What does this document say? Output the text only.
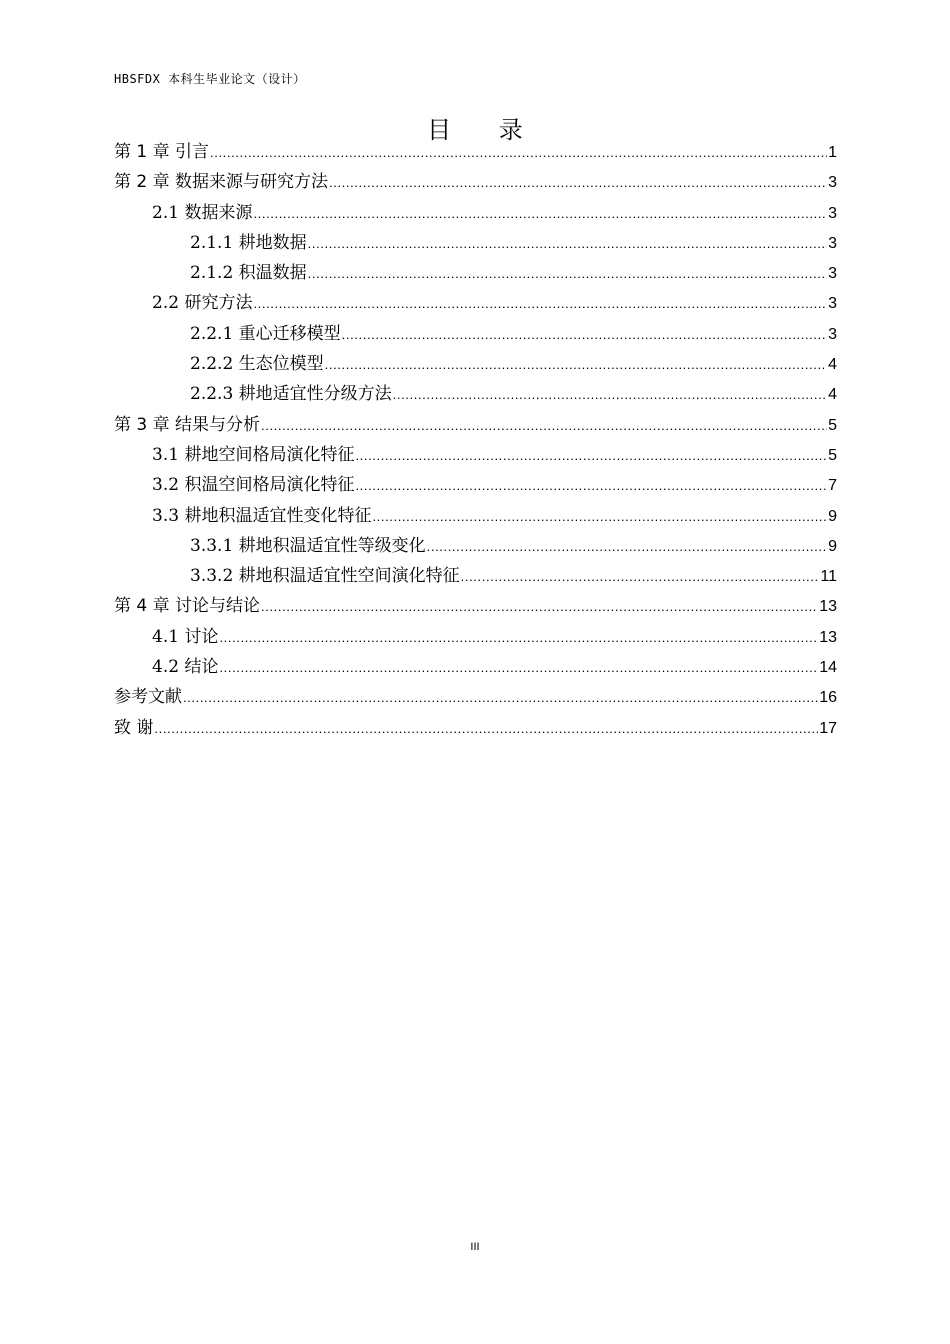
HBSFDX 本科生毕业论文（设计）
目 录
第 1 章 引言 .....	1
第 2 章 数据来源与研究方法 .....	3
2.1 数据来源 .....	3
2.1.1 耕地数据 .....	3
2.1.2 积温数据 .....	3
2.2 研究方法 .....	3
2.2.1 重心迁移模型 .....	3
2.2.2 生态位模型 .....	4
2.2.3 耕地适宜性分级方法 .....	4
第 3 章 结果与分析 .....	5
3.1 耕地空间格局演化特征 .....	5
3.2 积温空间格局演化特征 .....	7
3.3 耕地积温适宜性变化特征 .....	9
3.3.1 耕地积温适宜性等级变化 .....	9
3.3.2 耕地积温适宜性空间演化特征 .....	11
第 4 章 讨论与结论 .....	13
4.1 讨论 .....	13
4.2 结论 .....	14
参考文献 .....	16
致 谢 .....	17
III
